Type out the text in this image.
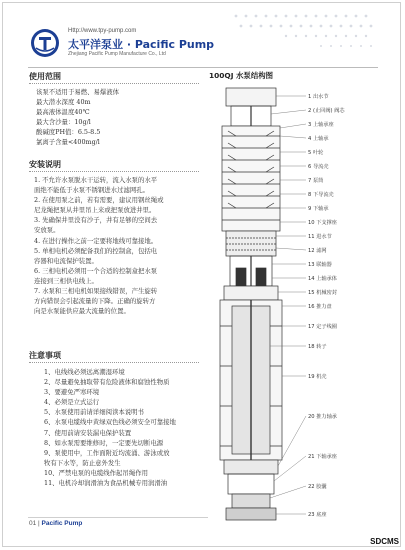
Http://www.tpy-pump.com
太平洋泵业 · Pacific Pump
Zhejiang Pacific Pump Manufacture Co., Ltd
使用范围
该泵不适用于易燃、易爆液体
最大潜水深度 40m
最高液体温度40℃
最大含沙量：10g/l
酸碱度PH值：6.5-8.5
氯离子含量<400mg/l
安装说明
1. 不允许水泵脱水干运转，流入水泵的水平
面绝不能低于水泵不锈钢进水过滤网孔。
2. 在使用泵之前，若有需要，建议用钢丝绳或
尼龙绳把泵从井里吊上来或把泵放进井里。
3. 先确保井里没有沙子，井有足够的空间去
安放泵。
4. 在进行操作之前一定要将地线可靠接地。
5. 单相电机必须配备我们的控制盒，包括电
容器和电流保护装置。
6. 三相电机必须用一个合适的控制盒把水泵
连接到三相供电线上。
7. 水泵和三相电机如果接线错误，产生旋转
方向错误会引起流量的下降。正确的旋转方
向是水泵能供应最大流量的位置。
注意事项
1、电线线必须远离潮湿环境
2、尽量避免抽取带有危险液体和腐蚀性物质
3、要避免严寒环境
4、必须是立式运行
5、水泵使用前请详细阅读本说明书
6、水泵电缆线中黄绿双色线必须安全可靠接地
7、使用前请安装漏电保护装置
8、如水泵需要维修时，一定要先切断电源
9、泵使用中，工作面附近均流涌、游泳或放
牧有下水等，防止意外发生
10、严禁电泵的电缆线作起吊绳作用
11、电机冷却润滑油为食品机械专用润滑油
100QJ 水泵结构图
1 出水节
2 (止回阀) 阀芯
3 上轴承座
4 上轴承
5 叶轮
6 导流壳
7 泵筒
8 下导流壳
9 下轴承
10 下支撑座
11 进水节
12 滤网
13 联轴器
14 上轴承体
15 机械密封
16 推力盘
17 定子线圈
18 转子
19 机壳
20 推力轴承
21 下轴承座
22 胶囊
23 底座
01 | Pacific Pump
SDCMS
